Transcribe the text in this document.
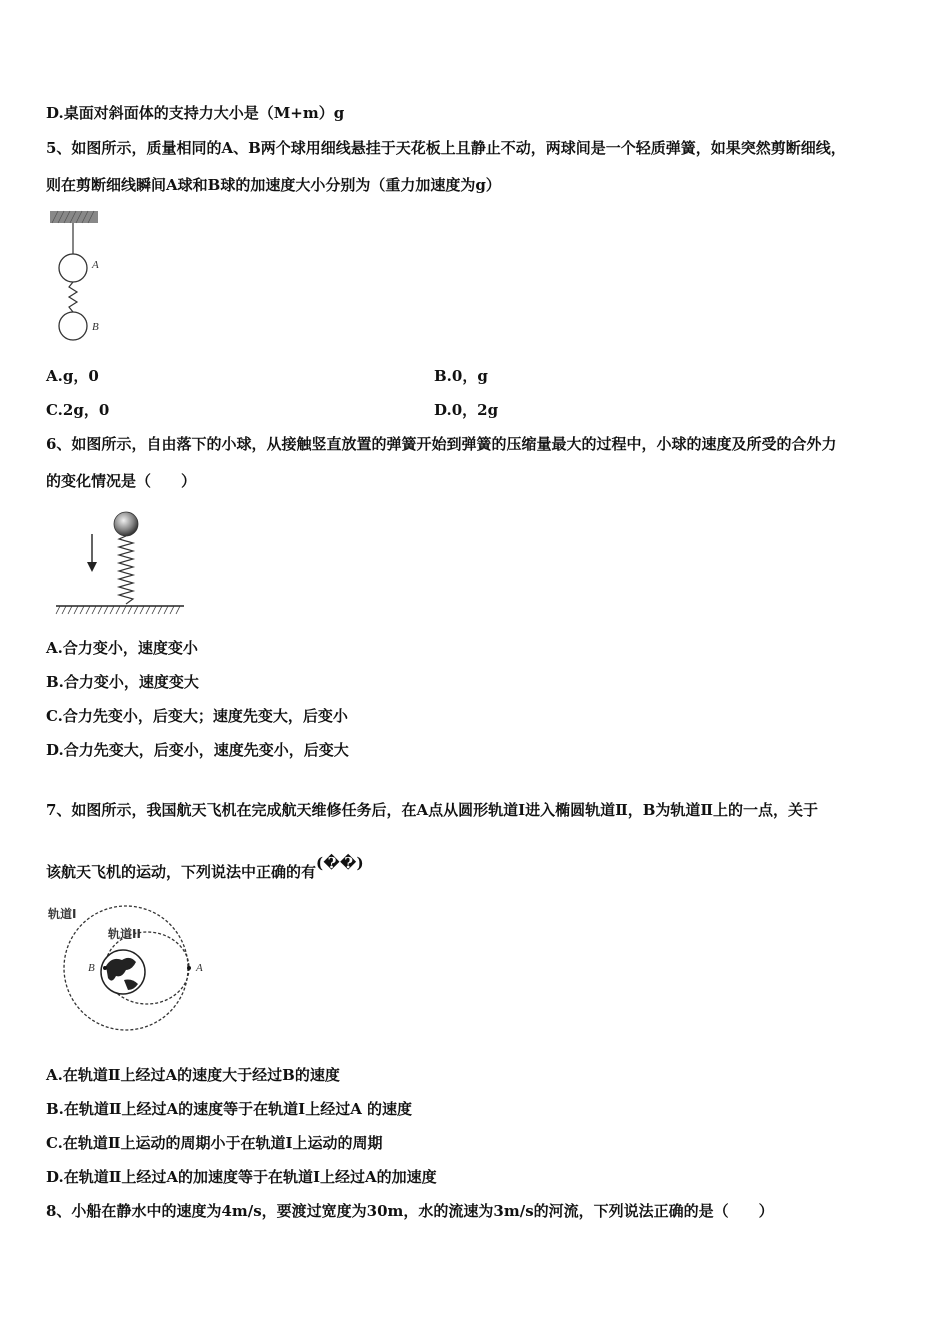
D.桌面对斜面体的支持力大小是（M+m）g
5、如图所示，质量相同的A、B两个球用细线悬挂于天花板上且静止不动，两球间是一个轻质弹簧，如果突然剪断细线，
则在剪断细线瞬间A球和B球的加速度大小分别为（重力加速度为g）
A
B
A.g，0	B.0，g
C.2g，0	D.0，2g
6、如图所示，自由落下的小球，从接触竖直放置的弹簧开始到弹簧的压缩量最大的过程中，小球的速度及所受的合外力
的变化情况是（　　）
A.合力变小，速度变小
B.合力变小，速度变大
C.合力先变小，后变大；速度先变大，后变小
D.合力先变大，后变小，速度先变小，后变大
7、如图所示，我国航天飞机在完成航天维修任务后，在A点从圆形轨道Ⅰ进入椭圆轨道Ⅱ，B为轨道Ⅱ上的一点，关于
该航天飞机的运动，下列说法中正确的有(��)
轨道I
轨道II
B	A
A.在轨道Ⅱ上经过A的速度大于经过B的速度
B.在轨道Ⅱ上经过A的速度等于在轨道Ⅰ上经过A 的速度
C.在轨道Ⅱ上运动的周期小于在轨道Ⅰ上运动的周期
D.在轨道Ⅱ上经过A的加速度等于在轨道Ⅰ上经过A的加速度
8、小船在静水中的速度为4m/s，要渡过宽度为30m，水的流速为3m/s的河流，下列说法正确的是（　　）
